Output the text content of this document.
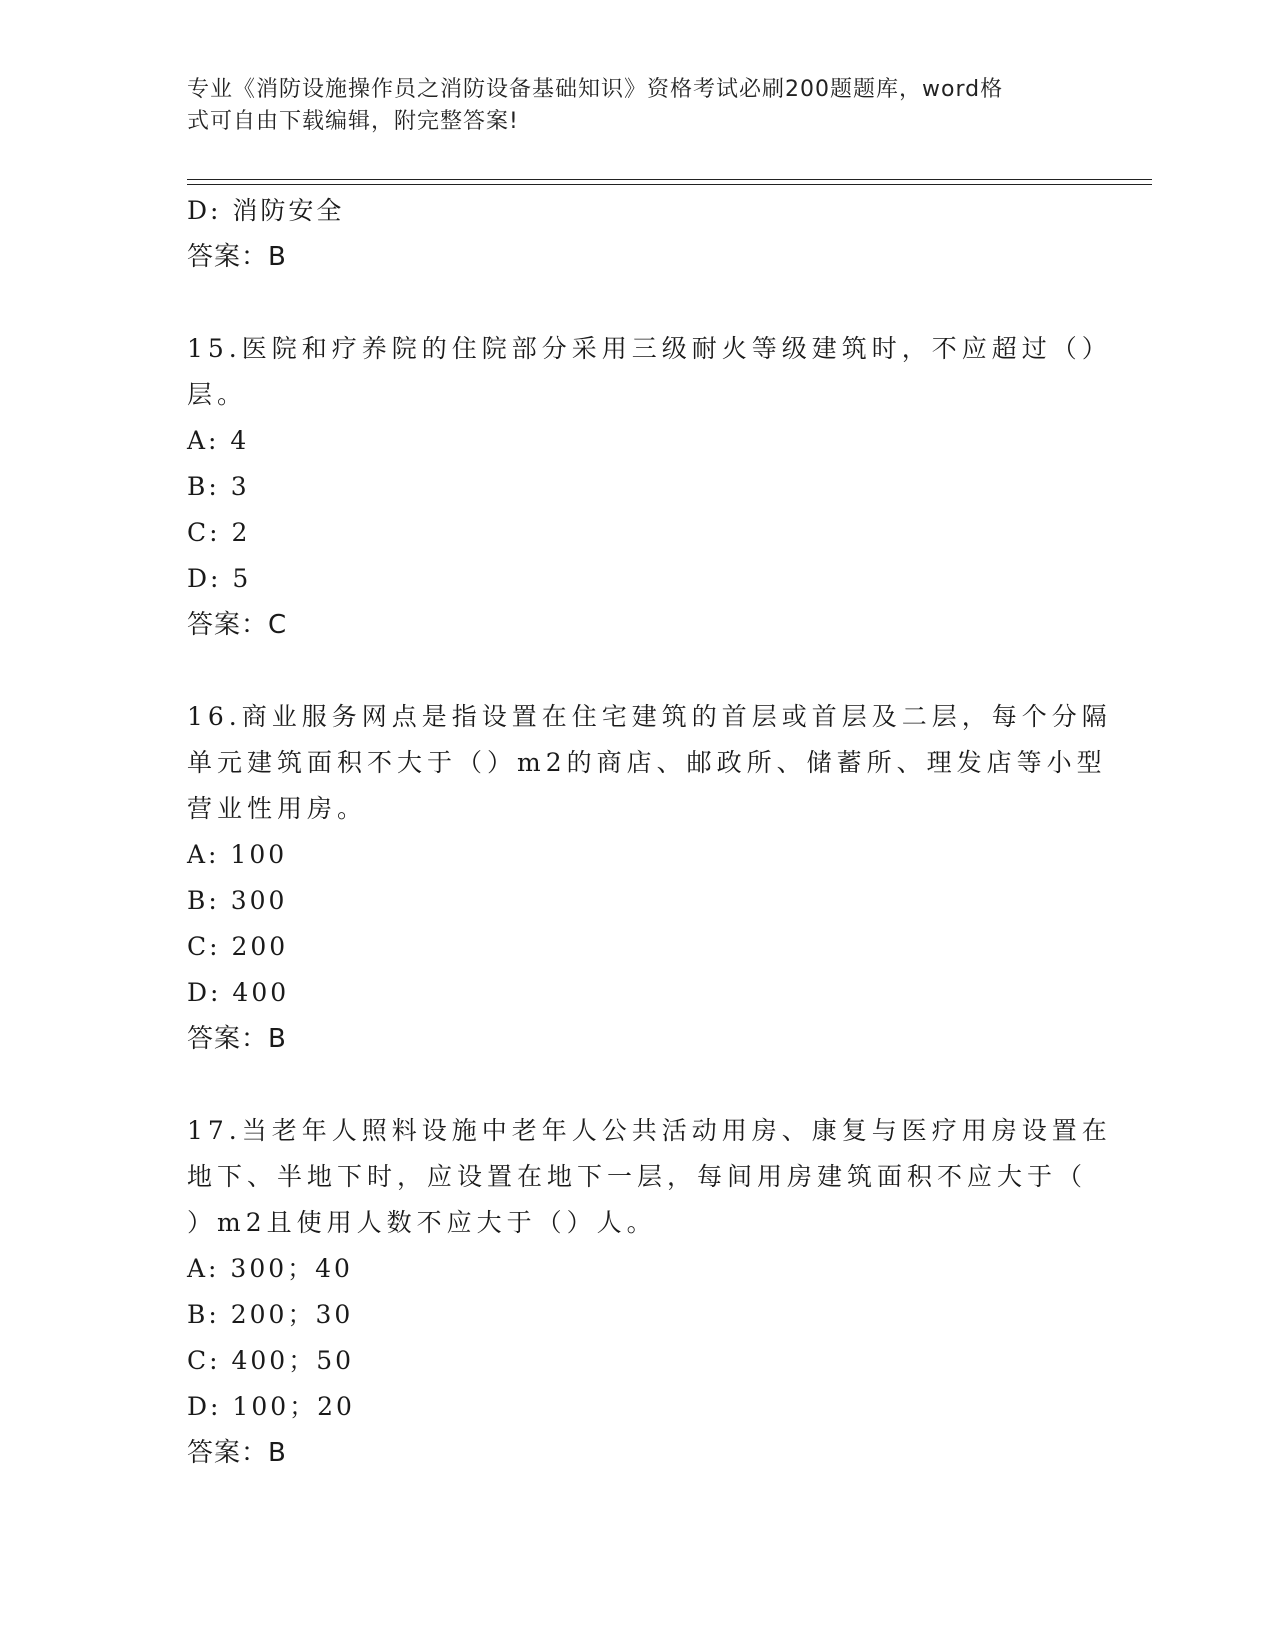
专业《消防设施操作员之消防设备基础知识》资格考试必刷200题题库，word格
式可自由下载编辑，附完整答案!
D: 消防安全
答案：B
15.医院和疗养院的住院部分采用三级耐火等级建筑时，不应超过（）
层。
A: 4
B: 3
C: 2
D: 5
答案：C
16.商业服务网点是指设置在住宅建筑的首层或首层及二层，每个分隔
单元建筑面积不大于（）m2的商店、邮政所、储蓄所、理发店等小型
营业性用房。
A: 100
B: 300
C: 200
D: 400
答案：B
17.当老年人照料设施中老年人公共活动用房、康复与医疗用房设置在
地下、半地下时，应设置在地下一层，每间用房建筑面积不应大于（
）m2且使用人数不应大于（）人。
A: 300；40
B: 200；30
C: 400；50
D: 100；20
答案：B
